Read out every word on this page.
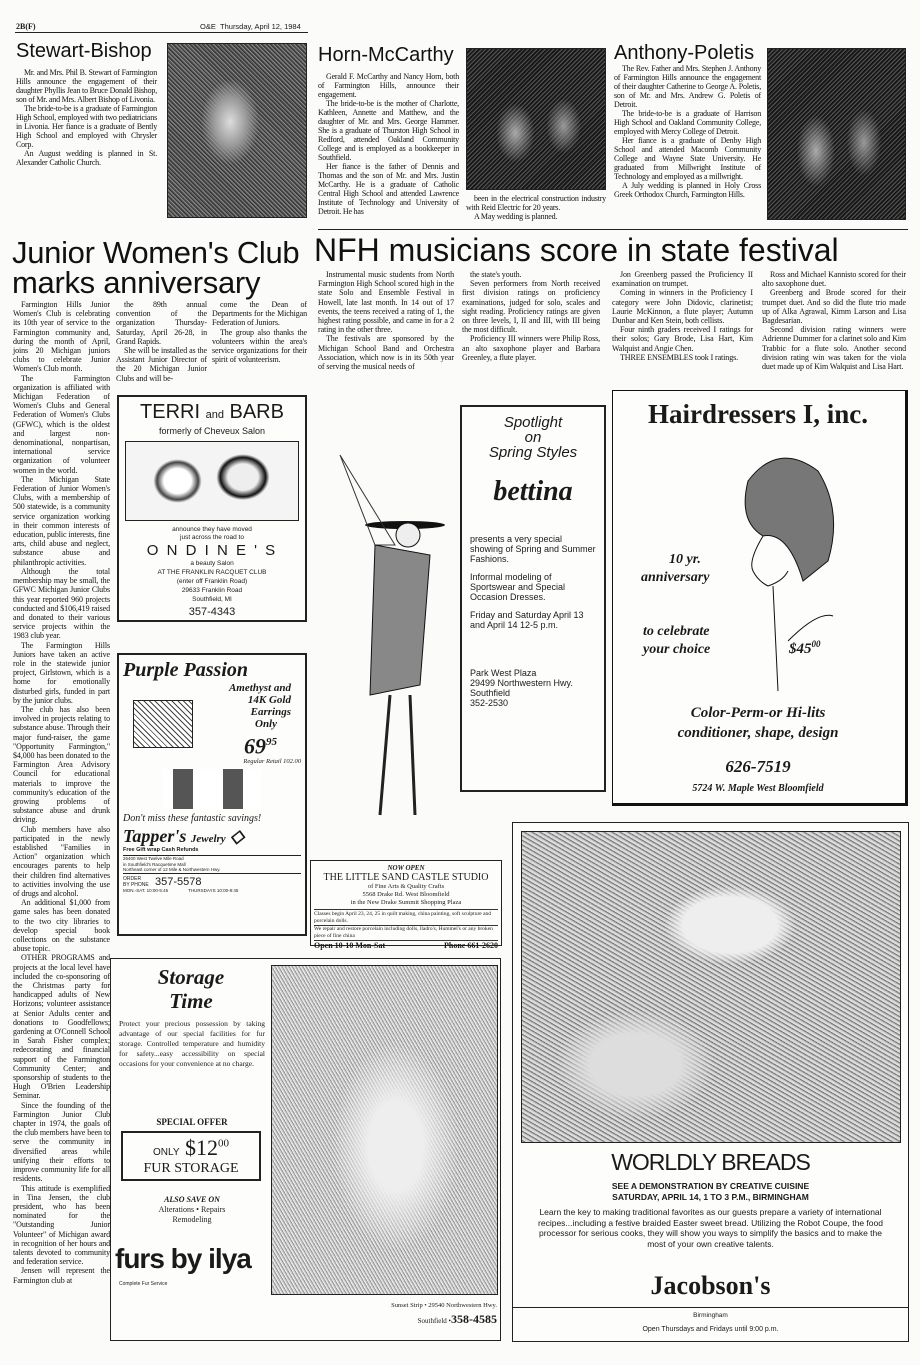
2B(F)	O&E Thursday, April 12, 1984
Stewart-Bishop

Mr. and Mrs. Phil B. Stewart of Farmington Hills announce the engagement of their daughter Phyllis Jean to Bruce Donald Bishop, son of Mr. and Mrs. Albert Bishop of Livonia.

The bride-to-be is a graduate of Farmington High School, employed with two pediatricians in Livonia. Her fiance is a graduate of Bently High School and employed with Chrysler Corp.

An August wedding is planned in St. Alexander Catholic Church.

Horn-McCarthy

Gerald F. McCarthy and Nancy Horn, both of Farmington Hills, announce their engagement.

The bride-to-be is the mother of Charlotte, Kathleen, Annette and Matthew, and the daughter of Mr. and Mrs. George Hammer. She is a graduate of Thurston High School in Redford, attended Oakland Community College and is employed as a bookkeeper in Southfield.

Her fiance is the father of Dennis and Thomas and the son of Mr. and Mrs. Justin McCarthy. He is a graduate of Catholic Central High School and attended Lawrence Institute of Technology and University of Detroit. He has

been in the electrical construction industry with Reid Electric for 20 years.

A May wedding is planned.

Anthony-Poletis

The Rev. Father and Mrs. Stephen J. Anthony of Farmington Hills announce the engagement of their daughter Catherine to George A. Poletis, son of Mr. and Mrs. Andrew G. Poletis of Detroit.

The bride-to-be is a graduate of Harrison High School and Oakland Community College, employed with Mercy College of Detroit.

Her fiance is a graduate of Denby High School and attended Macomb Community College and Wayne State University. He graduated from Millwright Institute of Technology and employed as a millwright.

A July wedding is planned in Holy Cross Greek Orthodox Church, Farmington Hills.

Junior Women's Club
marks anniversary

Farmington Hills Junior Women's Club is celebrating its 10th year of service to the Farmington community and, during the month of April, joins 20 Michigan juniors clubs to celebrate Junior Women's Club month.

The Farmington organization is affiliated with Michigan Federation of Women's Clubs and General Federation of Women's Clubs (GFWC), which is the oldest and largest non-denominational, nonpartisan, international service organization of volunteer women in the world.

The Michigan State Federation of Junior Women's Clubs, with a membership of 500 statewide, is a community service organization working in their common interests of education, public interests, fine arts, child abuse and neglect, substance abuse and philanthropic activities.

Although the total membership may be small, the GFWC Michigan Junior Clubs this year reported 960 projects conducted and $106,419 raised and donated to their various service projects within the 1983 club year.

The Farmington Hills Juniors have taken an active role in the statewide junior project, Girlstown, which is a home for emotionally disturbed girls, funded in part by the junior clubs.

The club has also been involved in projects relating to substance abuse. Through their major fund-raiser, the game "Opportunity Farmington," $4,000 has been donated to the Farmington Area Advisory Council for educational materials to improve the community's education of the growing problems of substance abuse and drunk driving.

Club members have also participated in the newly established "Families in Action" organization which encourages parents to help their children find alternatives to activities involving the use of drugs and alcohol.

An additional $1,000 from game sales has been donated to the two city libraries to develop special book collections on the substance abuse topic.

OTHER PROGRAMS and projects at the local level have included the co-sponsoring of the Christmas party for handicapped adults of New Horizons; volunteer assistance at Senior Adults center and donations to Goodfellows; gardening at O'Connell School in Sarah Fisher complex; redecorating and financial support of the Farmington Community Center; and sponsorship of students to the Hugh O'Brien Leadership Seminar.

Since the founding of the Farmington Junior Club chapter in 1974, the goals of the club members have been to serve the community in diversified areas while unifying their efforts to improve community life for all residents.

This attitude is exemplified in Tina Jensen, the club president, who has been nominated for the "Outstanding Junior Volunteer" of Michigan award in recognition of her hours and talents devoted to community and federation service.

Jensen will represent the Farmington club at

the 89th annual convention of the organization Thursday-Saturday, April 26-28, in Grand Rapids.

She will be installed as the Assistant Junior Director of the 20 Michigan Junior Clubs and will be-

come the Dean of Departments for the Michigan Federation of Juniors.

The group also thanks the volunteers within the area's service organizations for their spirit of volunteerism.

NFH musicians score in state festival

Instrumental music students from North Farmington High School scored high in the state Solo and Ensemble Festival in Howell, late last month. In 14 out of 17 events, the teens received a rating of 1, the highest rating possible, and came in for a 2 rating in the other three.

The festivals are sponsored by the Michigan School Band and Orchestra Association, which now is in its 50th year of serving the musical needs of

the state's youth.

Seven performers from North received first division ratings on proficiency examinations, judged for solo, scales and sight reading. Proficiency ratings are given on three levels, I, II and III, with III being the most difficult.

Proficiency III winners were Philip Ross, an alto saxophone player and Barbara Greenley, a flute player.

Jon Greenberg passed the Proficiency II examination on trumpet.

Coming in winners in the Proficiency I category were John Didovic, clarinetist; Laurie McKinnon, a flute player; Autumn Dunbar and Ken Stein, both cellists.

Four ninth graders received I ratings for their solos; Gary Brode, Lisa Hart, Kim Walquist and Angie Chen.

THREE ENSEMBLES took I ratings.

Ross and Michael Kannisto scored for their alto saxophone duet.

Greenberg and Brode scored for their trumpet duet. And so did the flute trio made up of Alka Agrawal, Kimm Larson and Lisa Bagdesarian.

Second division rating winners were Adrienne Dummer for a clarinet solo and Kim Trabbic for a flute solo. Another second division rating win was taken for the viola duet made up of Kim Walquist and Lisa Hart.

TERRI and BARB
formerly of Cheveux Salon
announce they have moved
just across the road to
O N D I N E ' S
a beauty Salon
AT THE FRANKLIN RACQUET CLUB
(enter off Franklin Road)
29633 Franklin Road
Southfield, MI
357-4343
Purple Passion
Amethyst and
14K Gold
Earrings
Only
$69^{95}$
Regular Retail 102.00
Don't miss these fantastic savings!
Tapper's Jewelry ◇
Free Gift wrap Cash Refunds
26400 West Twelve Mile Road
in Southfield's Racquetime Mall
Northeast corner of 12 Mile & Northwestern Hwy.
ORDER BY PHONE 357-5578
MON.-SAT. 10:00-5:45	THURSDAYS 10:00-8:45
Spotlight
on
Spring Styles
bettina

presents a very special showing of Spring and Summer Fashions.

Informal modeling of Sportswear and Special Occasion Dresses.

Friday and Saturday April 13 and April 14 12-5 p.m.

Park West Plaza
29499 Northwestern Hwy.
Southfield
352-2530
Hairdressers I, inc.
10 yr.
anniversary
to celebrate
your choice	$\$45^{00}$
Color-Perm-or Hi-lits
conditioner, shape, design
626-7519
5724 W. Maple West Bloomfield
NOW OPEN
THE LITTLE SAND CASTLE STUDIO
of Fine Arts & Quality Crafts
5568 Drake Rd. West Bloomfield
in the New Drake Summit Shopping Plaza
Classes begin April 23, 24, 25 in quilt making, china painting, soft sculpture and porcelain dolls.
We repair and restore porcelain including dolls, lladro's, Hummel's or any broken piece of fine china
Open 10-10 Mon-Sat	Phone 661-2620
Storage
Time
Protect your precious possession by taking advantage of our special facilities for fur storage. Controlled temperature and humidity for safety...easy accessibility on special occasions for your convenience at no charge.
SPECIAL OFFER
ONLY $\$12^{00}$
FUR STORAGE
ALSO SAVE ON
Alterations • Repairs
Remodeling
furs by ilya
Complete Fur Service
Sunset Strip • 29540 Northwestern Hwy.
Southfield •358-4585
WORLDLY BREADS
SEE A DEMONSTRATION BY CREATIVE CUISINE
SATURDAY, APRIL 14, 1 TO 3 P.M., BIRMINGHAM
Learn the key to making traditional favorites as our guests prepare a variety of international recipes...including a festive braided Easter sweet bread. Utilizing the Robot Coupe, the food processor for serious cooks, they will show you ways to simplify the basics and to make the most of your own creative talents.
Jacobson's
Birmingham
Open Thursdays and Fridays until 9:00 p.m.
